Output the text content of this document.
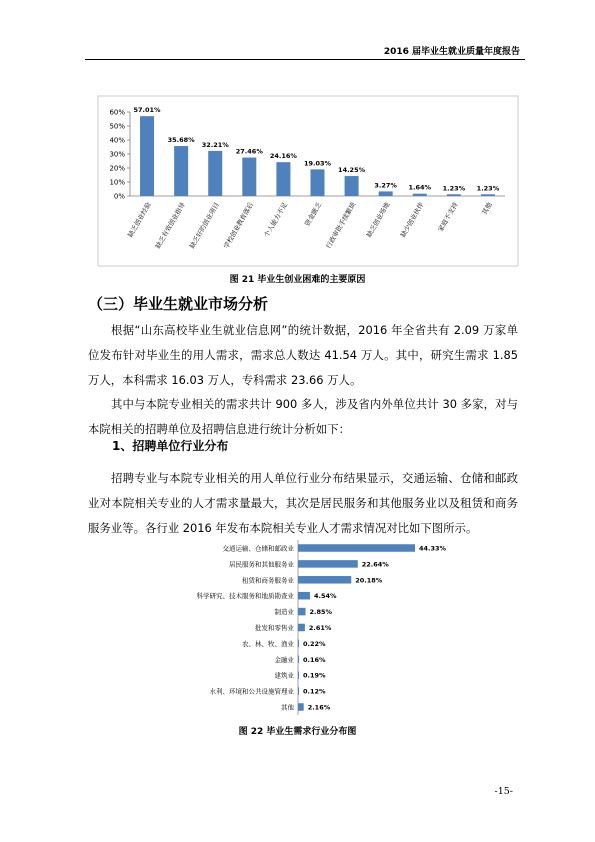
2016 届毕业生就业质量年度报告
0%
10%
20%
30%
40%
50%
60% 57.01%
缺乏创业经验
35.68%
缺乏有效创业指导
32.21%
缺乏好的创业项目
27.46%
学校创业教育落后
24.16%
个人能力不足
19.03%
资金匮乏
14.25%
行政审批手续繁琐
3.27%
缺乏创业场地
1.64%
缺少创业伙伴
1.23%
家庭不支持
1.23%
其他
交通运输、仓储和邮政业	44.33%
居民服务和其他服务业	22.64%
租赁和商务服务业	20.18%
科学研究、技术服务和地质勘查业	4.54%
制造业 2.85%
批发和零售业 2.61%
农、林、牧、渔业 0.22%
金融业 0.16%
建筑业 0.19%
水利、环境和公共设施管理业 0.12%
其他 2.16%
图 21 毕业生创业困难的主要原因
（三）毕业生就业市场分析
根据“山东高校毕业生就业信息网”的统计数据，2016 年全省共有 2.09 万家单位发布针对毕业生的用人需求，需求总人数达 41.54 万人。其中，研究生需求 1.85 万人，本科需求 16.03 万人，专科需求 23.66 万人。
其中与本院专业相关的需求共计 900 多人，涉及省内外单位共计 30 多家，对与本院相关的招聘单位及招聘信息进行统计分析如下：
1、招聘单位行业分布
招聘专业与本院专业相关的用人单位行业分布结果显示，交通运输、仓储和邮政业对本院相关专业的人才需求量最大，其次是居民服务和其他服务业以及租赁和商务服务业等。各行业 2016 年发布本院相关专业人才需求情况对比如下图所示。
图 22 毕业生需求行业分布图
-15-
